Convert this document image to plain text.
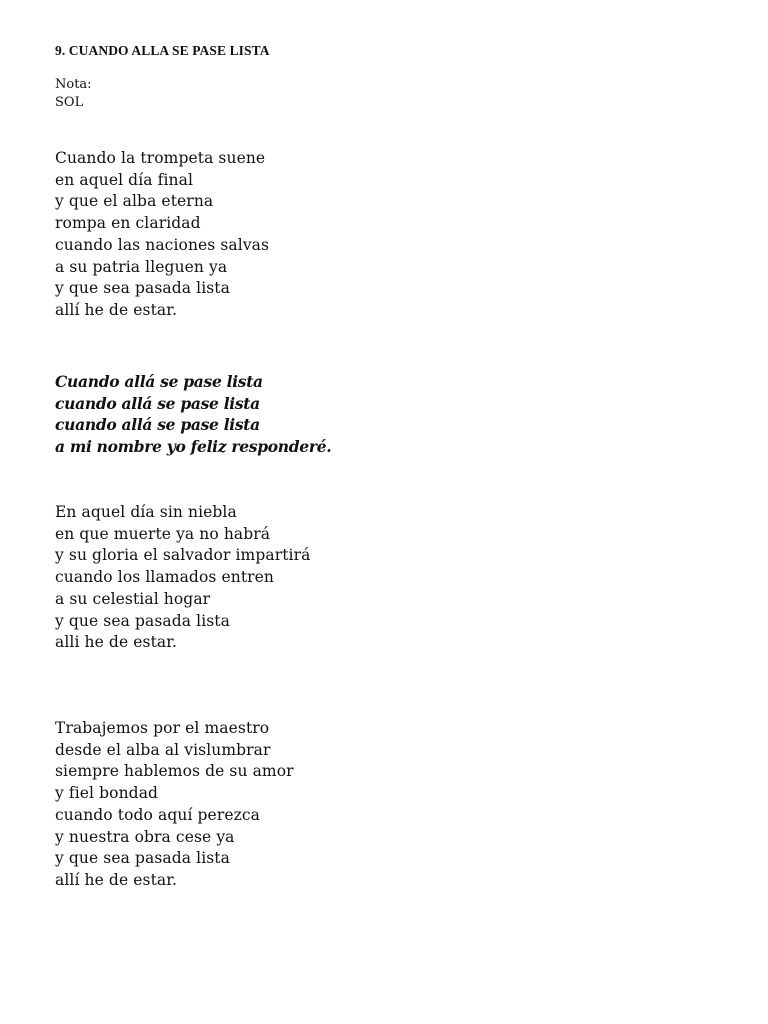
9. CUANDO ALLA SE PASE LISTA
Nota:
SOL
Cuando la trompeta suene
en aquel día final
y que el alba eterna
rompa en claridad
cuando las naciones salvas
a su patria lleguen ya
y que sea pasada lista
allí he de estar.
Cuando allá se pase lista
cuando allá se pase lista
cuando allá se pase lista
a mi nombre yo feliz responderé.
En aquel día sin niebla
en que muerte ya no habrá
y su gloria el salvador impartirá
cuando los llamados entren
a su celestial hogar
y que sea pasada lista
alli he de estar.
Trabajemos por el maestro
desde el alba al vislumbrar
siempre hablemos de su amor
y fiel bondad
cuando todo aquí perezca
y nuestra obra cese ya
y que sea pasada lista
allí he de estar.
